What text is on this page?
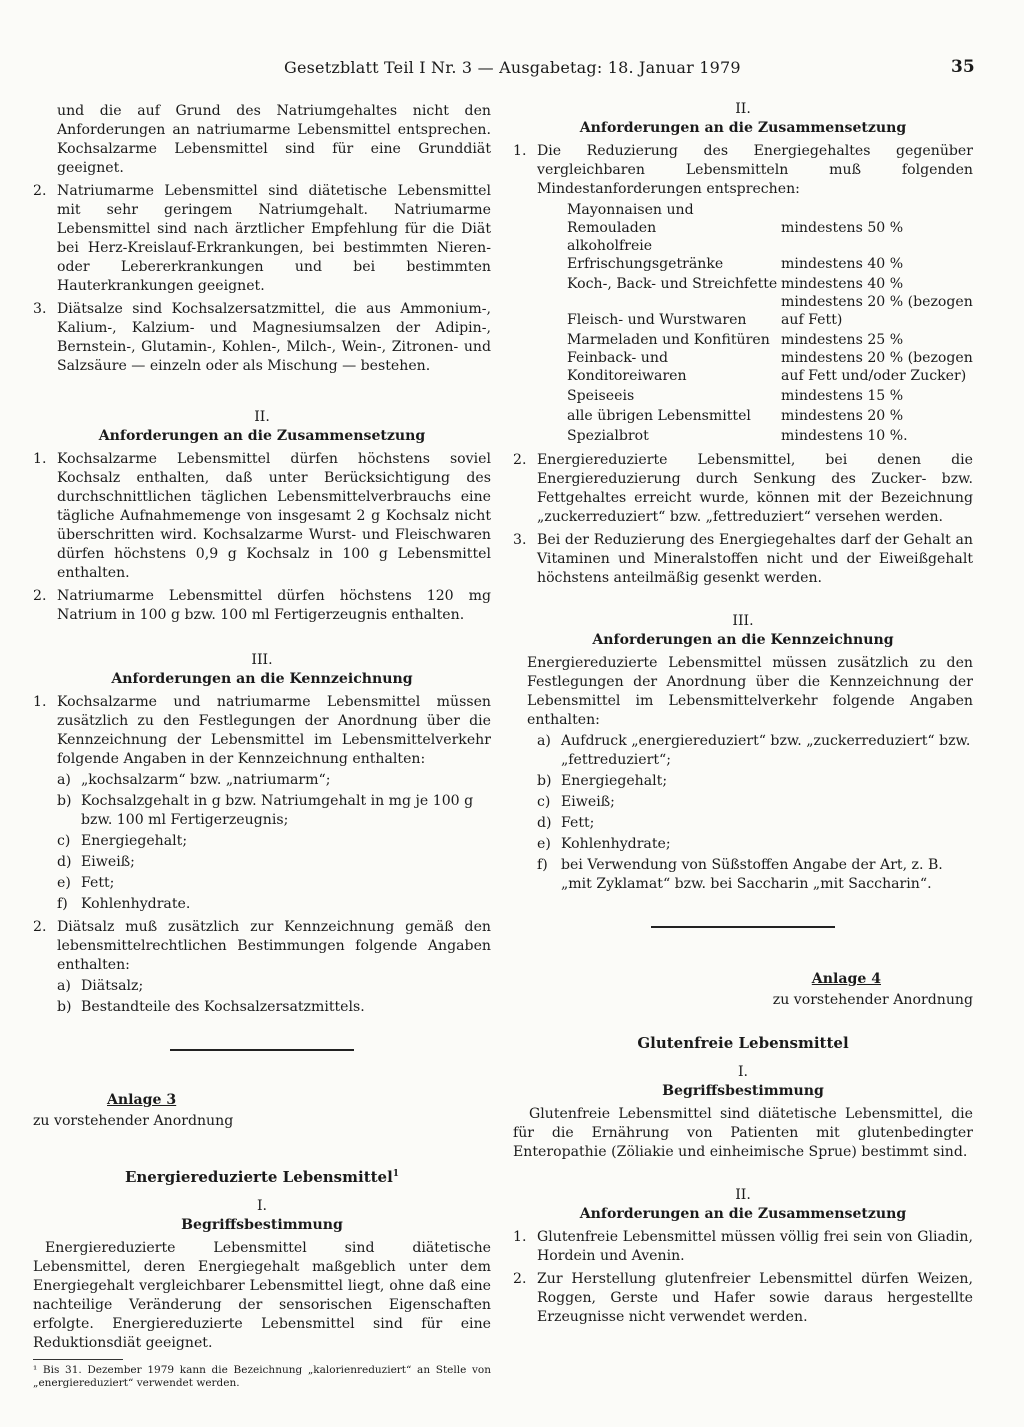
Gesetzblatt Teil I Nr. 3 — Ausgabetag: 18. Januar 1979	35

und die auf Grund des Natriumgehaltes nicht den Anforderungen an natriumarme Lebensmittel entsprechen. Kochsalzarme Lebensmittel sind für eine Grunddiät geeignet.

2. Natriumarme Lebensmittel sind diätetische Lebensmittel mit sehr geringem Natriumgehalt. Natriumarme Lebensmittel sind nach ärztlicher Empfehlung für die Diät bei Herz-Kreislauf-Erkrankungen, bei bestimmten Nieren- oder Lebererkrankungen und bei bestimmten Hauterkrankungen geeignet.
3. Diätsalze sind Kochsalzersatzmittel, die aus Ammonium-, Kalium-, Kalzium- und Magnesiumsalzen der Adipin-, Bernstein-, Glutamin-, Kohlen-, Milch-, Wein-, Zitronen- und Salzsäure — einzeln oder als Mischung — bestehen.

II.

Anforderungen an die Zusammensetzung

1. Kochsalzarme Lebensmittel dürfen höchstens soviel Kochsalz enthalten, daß unter Berücksichtigung des durchschnittlichen täglichen Lebensmittelverbrauchs eine tägliche Aufnahmemenge von insgesamt 2 g Kochsalz nicht überschritten wird. Kochsalzarme Wurst- und Fleischwaren dürfen höchstens 0,9 g Kochsalz in 100 g Lebensmittel enthalten.
2. Natriumarme Lebensmittel dürfen höchstens 120 mg Natrium in 100 g bzw. 100 ml Fertigerzeugnis enthalten.

III.

Anforderungen an die Kennzeichnung

1. Kochsalzarme und natriumarme Lebensmittel müssen zusätzlich zu den Festlegungen der Anordnung über die Kennzeichnung der Lebensmittel im Lebensmittelverkehr folgende Angaben in der Kennzeichnung enthalten:
a) „kochsalzarm“ bzw. „natriumarm“;
b) Kochsalzgehalt in g bzw. Natriumgehalt in mg je 100 g bzw. 100 ml Fertigerzeugnis;
c) Energiegehalt;
d) Eiweiß;
e) Fett;
f) Kohlenhydrate.
2. Diätsalz muß zusätzlich zur Kennzeichnung gemäß den lebensmittelrechtlichen Bestimmungen folgende Angaben enthalten:
a) Diätsalz;
b) Bestandteile des Kochsalzersatzmittels.
Anlage 3

zu vorstehender Anordnung

Energiereduzierte Lebensmittel$^1$

I.

Begriffsbestimmung

Energiereduzierte Lebensmittel sind diätetische Lebensmittel, deren Energiegehalt maßgeblich unter dem Energiegehalt vergleichbarer Lebensmittel liegt, ohne daß eine nachteilige Veränderung der sensorischen Eigenschaften erfolgte. Energiereduzierte Lebensmittel sind für eine Reduktionsdiät geeignet.

¹ Bis 31. Dezember 1979 kann die Bezeichnung „kalorienreduziert“ an Stelle von „energiereduziert“ verwendet werden.

II.

Anforderungen an die Zusammensetzung

1. Die Reduzierung des Energiegehaltes gegenüber vergleichbaren Lebensmitteln muß folgenden Mindestanforderungen entsprechen:
Mayonnaisen und Remouladen	mindestens 50 %
alkoholfreie Erfrischungsgetränke	mindestens 40 %
Koch-, Back- und Streichfette	mindestens 40 %
Fleisch- und Wurstwaren	mindestens 20 % (bezogen auf Fett)
Marmeladen und Konfitüren	mindestens 25 %
Feinback- und Konditoreiwaren	mindestens 20 % (bezogen auf Fett und/oder Zucker)
Speiseeis	mindestens 15 %
alle übrigen Lebensmittel	mindestens 20 %
Spezialbrot	mindestens 10 %.
2. Energiereduzierte Lebensmittel, bei denen die Energiereduzierung durch Senkung des Zucker- bzw. Fettgehaltes erreicht wurde, können mit der Bezeichnung „zuckerreduziert“ bzw. „fettreduziert“ versehen werden.
3. Bei der Reduzierung des Energiegehaltes darf der Gehalt an Vitaminen und Mineralstoffen nicht und der Eiweißgehalt höchstens anteilmäßig gesenkt werden.

III.

Anforderungen an die Kennzeichnung

Energiereduzierte Lebensmittel müssen zusätzlich zu den Festlegungen der Anordnung über die Kennzeichnung der Lebensmittel im Lebensmittelverkehr folgende Angaben enthalten:

a) Aufdruck „energiereduziert“ bzw. „zuckerreduziert“ bzw. „fettreduziert“;
b) Energiegehalt;
c) Eiweiß;
d) Fett;
e) Kohlenhydrate;
f) bei Verwendung von Süßstoffen Angabe der Art, z. B. „mit Zyklamat“ bzw. bei Saccharin „mit Saccharin“.
Anlage 4

zu vorstehender Anordnung

Glutenfreie Lebensmittel

I.

Begriffsbestimmung

Glutenfreie Lebensmittel sind diätetische Lebensmittel, die für die Ernährung von Patienten mit glutenbedingter Enteropathie (Zöliakie und einheimische Sprue) bestimmt sind.

II.

Anforderungen an die Zusammensetzung

1. Glutenfreie Lebensmittel müssen völlig frei sein von Gliadin, Hordein und Avenin.
2. Zur Herstellung glutenfreier Lebensmittel dürfen Weizen, Roggen, Gerste und Hafer sowie daraus hergestellte Erzeugnisse nicht verwendet werden.
